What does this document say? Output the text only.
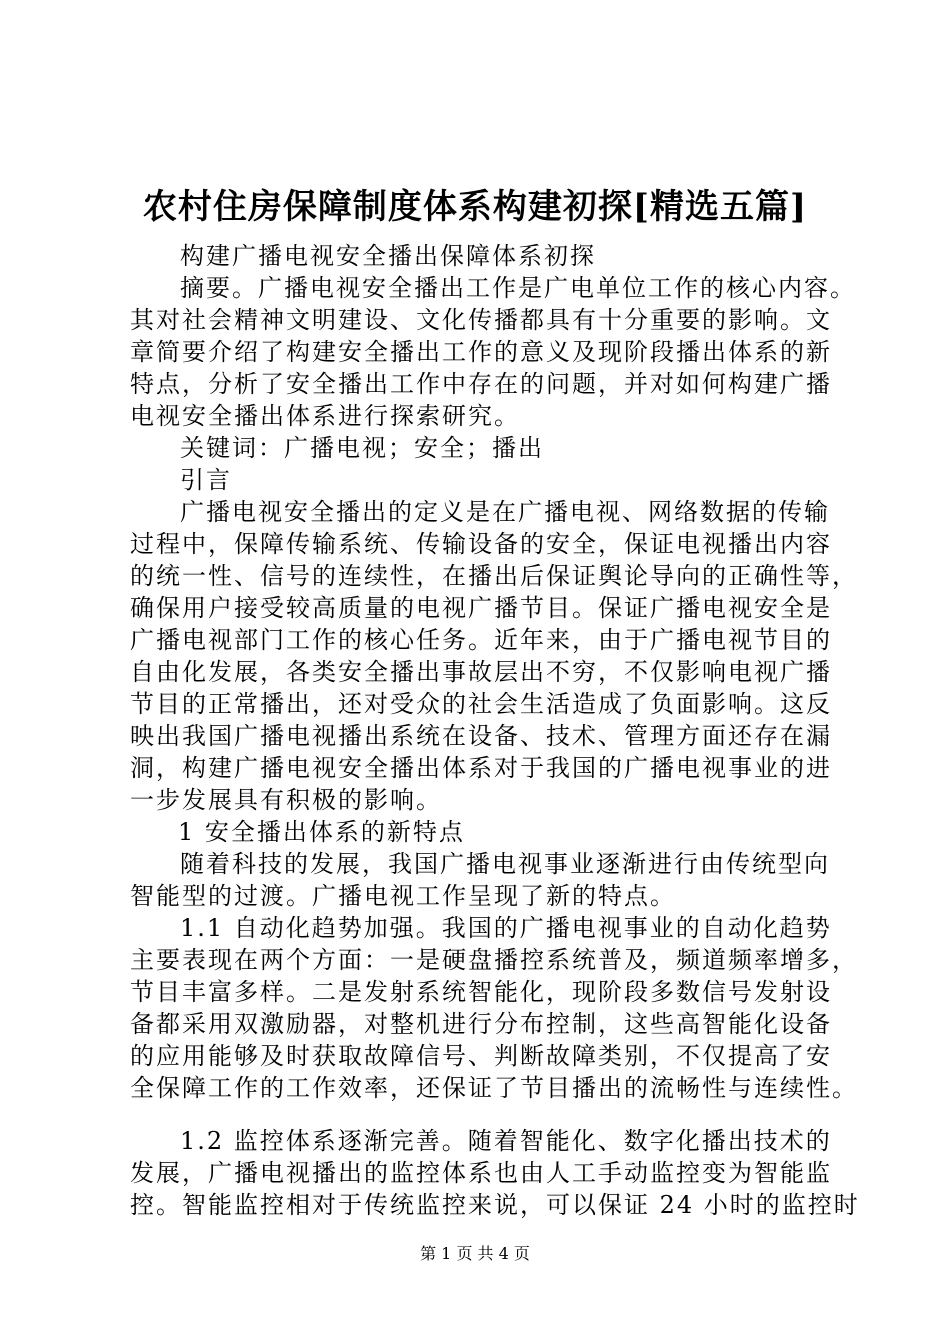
农村住房保障制度体系构建初探[精选五篇]
构建广播电视安全播出保障体系初探
摘要。广播电视安全播出工作是广电单位工作的核心内容。
其对社会精神文明建设、文化传播都具有十分重要的影响。文
章简要介绍了构建安全播出工作的意义及现阶段播出体系的新
特点，分析了安全播出工作中存在的问题，并对如何构建广播
电视安全播出体系进行探索研究。
关键词：广播电视；安全；播出
引言
广播电视安全播出的定义是在广播电视、网络数据的传输
过程中，保障传输系统、传输设备的安全，保证电视播出内容
的统一性、信号的连续性，在播出后保证舆论导向的正确性等，
确保用户接受较高质量的电视广播节目。保证广播电视安全是
广播电视部门工作的核心任务。近年来，由于广播电视节目的
自由化发展，各类安全播出事故层出不穷，不仅影响电视广播
节目的正常播出，还对受众的社会生活造成了负面影响。这反
映出我国广播电视播出系统在设备、技术、管理方面还存在漏
洞，构建广播电视安全播出体系对于我国的广播电视事业的进
一步发展具有积极的影响。
1 安全播出体系的新特点
随着科技的发展，我国广播电视事业逐渐进行由传统型向
智能型的过渡。广播电视工作呈现了新的特点。
1.1 自动化趋势加强。我国的广播电视事业的自动化趋势
主要表现在两个方面：一是硬盘播控系统普及，频道频率增多，
节目丰富多样。二是发射系统智能化，现阶段多数信号发射设
备都采用双激励器，对整机进行分布控制，这些高智能化设备
的应用能够及时获取故障信号、判断故障类别，不仅提高了安
全保障工作的工作效率，还保证了节目播出的流畅性与连续性。
1.2 监控体系逐渐完善。随着智能化、数字化播出技术的
发展，广播电视播出的监控体系也由人工手动监控变为智能监
控。智能监控相对于传统监控来说，可以保证 24 小时的监控时
第 1 页 共 4 页
